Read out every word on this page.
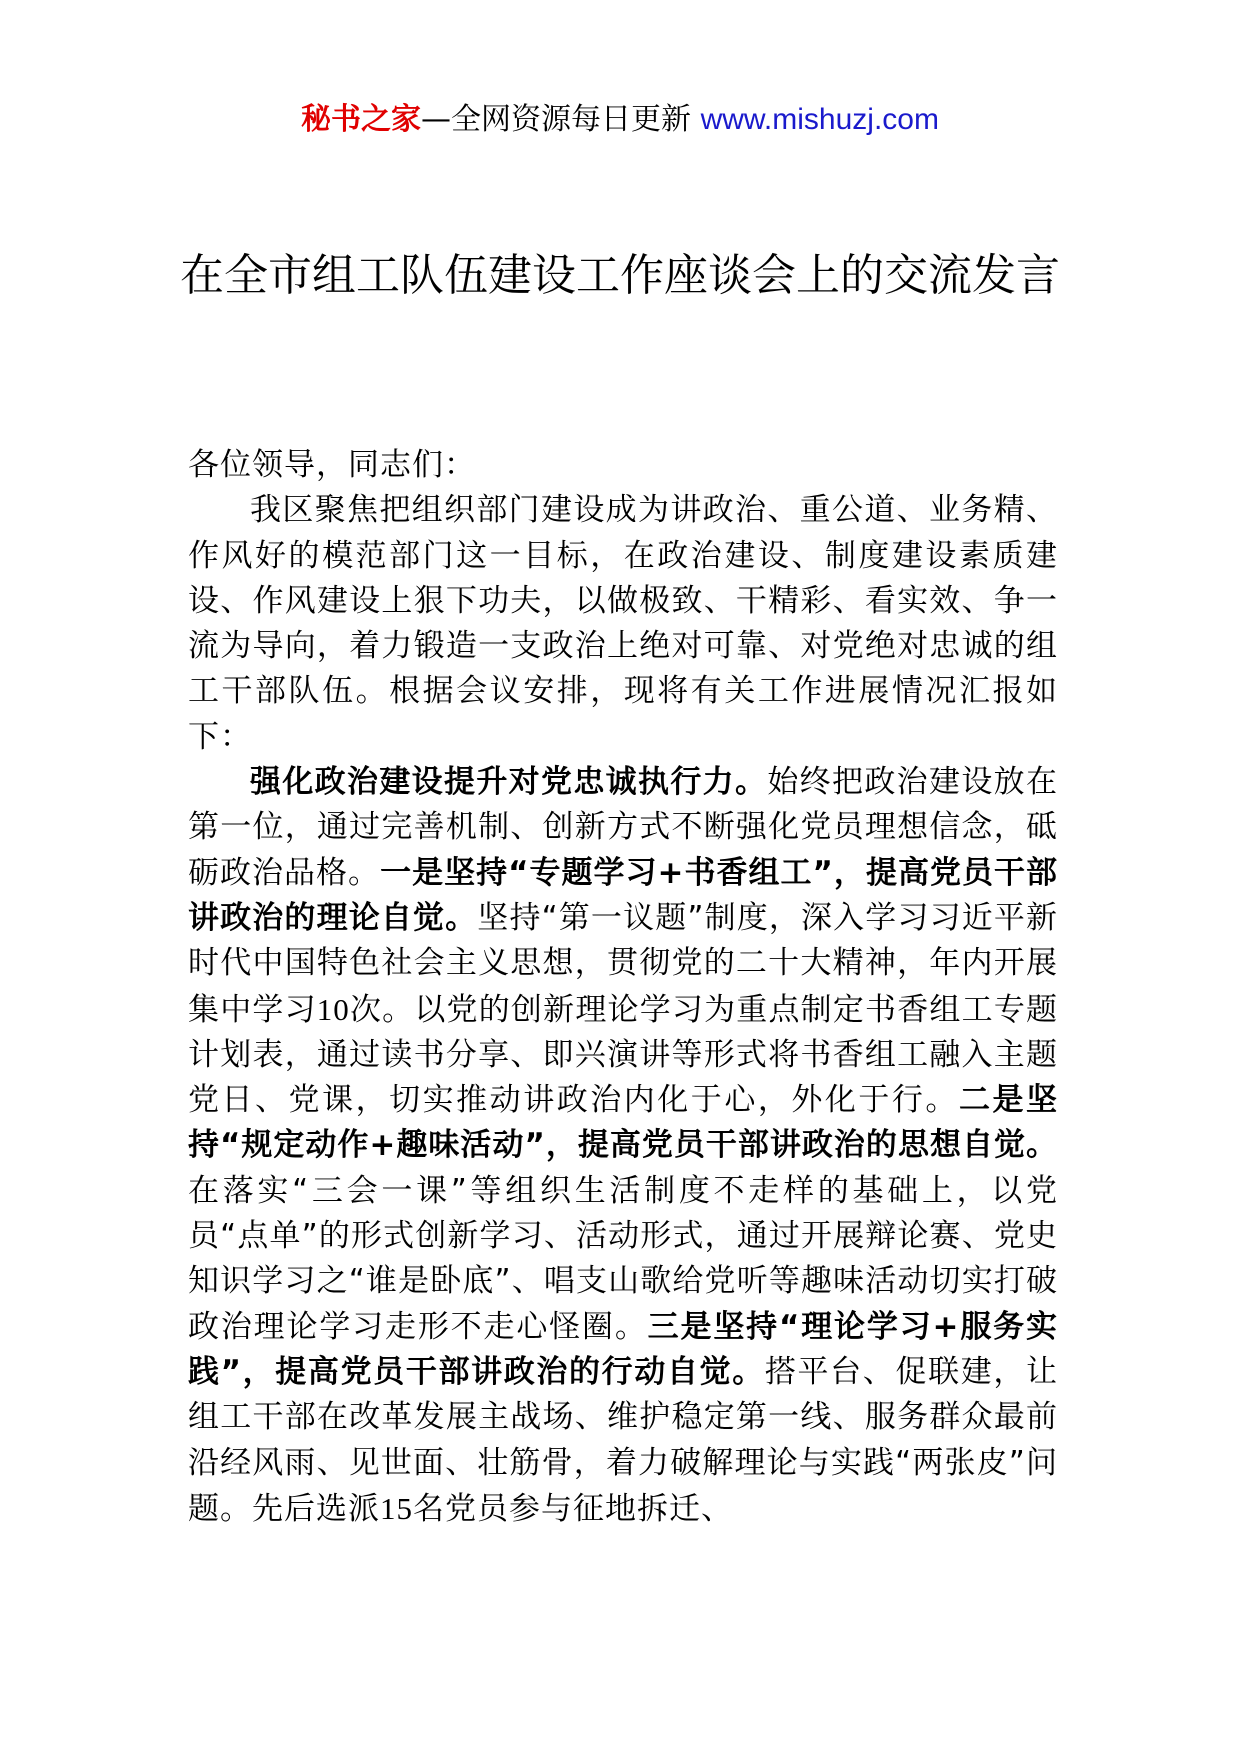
秘书之家—全网资源每日更新 www.mishuzj.com
在全市组工队伍建设工作座谈会上的交流发言

各位领导，同志们：

我区聚焦把组织部门建设成为讲政治、重公道、业务精、作风好的模范部门这一目标，在政治建设、制度建设素质建设、作风建设上狠下功夫，以做极致、干精彩、看实效、争一流为导向，着力锻造一支政治上绝对可靠、对党绝对忠诚的组工干部队伍。根据会议安排，现将有关工作进展情况汇报如下：

强化政治建设提升对党忠诚执行力。始终把政治建设放在第一位，通过完善机制、创新方式不断强化党员理想信念，砥砺政治品格。一是坚持“专题学习+书香组工”，提高党员干部讲政治的理论自觉。坚持“第一议题”制度，深入学习习近平新时代中国特色社会主义思想，贯彻党的二十大精神，年内开展集中学习10次。以党的创新理论学习为重点制定书香组工专题计划表，通过读书分享、即兴演讲等形式将书香组工融入主题党日、党课，切实推动讲政治内化于心，外化于行。二是坚持“规定动作+趣味活动”，提高党员干部讲政治的思想自觉。在落实“三会一课”等组织生活制度不走样的基础上，以党员“点单”的形式创新学习、活动形式，通过开展辩论赛、党史知识学习之“谁是卧底”、唱支山歌给党听等趣味活动切实打破政治理论学习走形不走心怪圈。三是坚持“理论学习+服务实践”，提高党员干部讲政治的行动自觉。搭平台、促联建，让组工干部在改革发展主战场、维护稳定第一线、服务群众最前沿经风雨、见世面、壮筋骨，着力破解理论与实践“两张皮”问题。先后选派15名党员参与征地拆迁、
